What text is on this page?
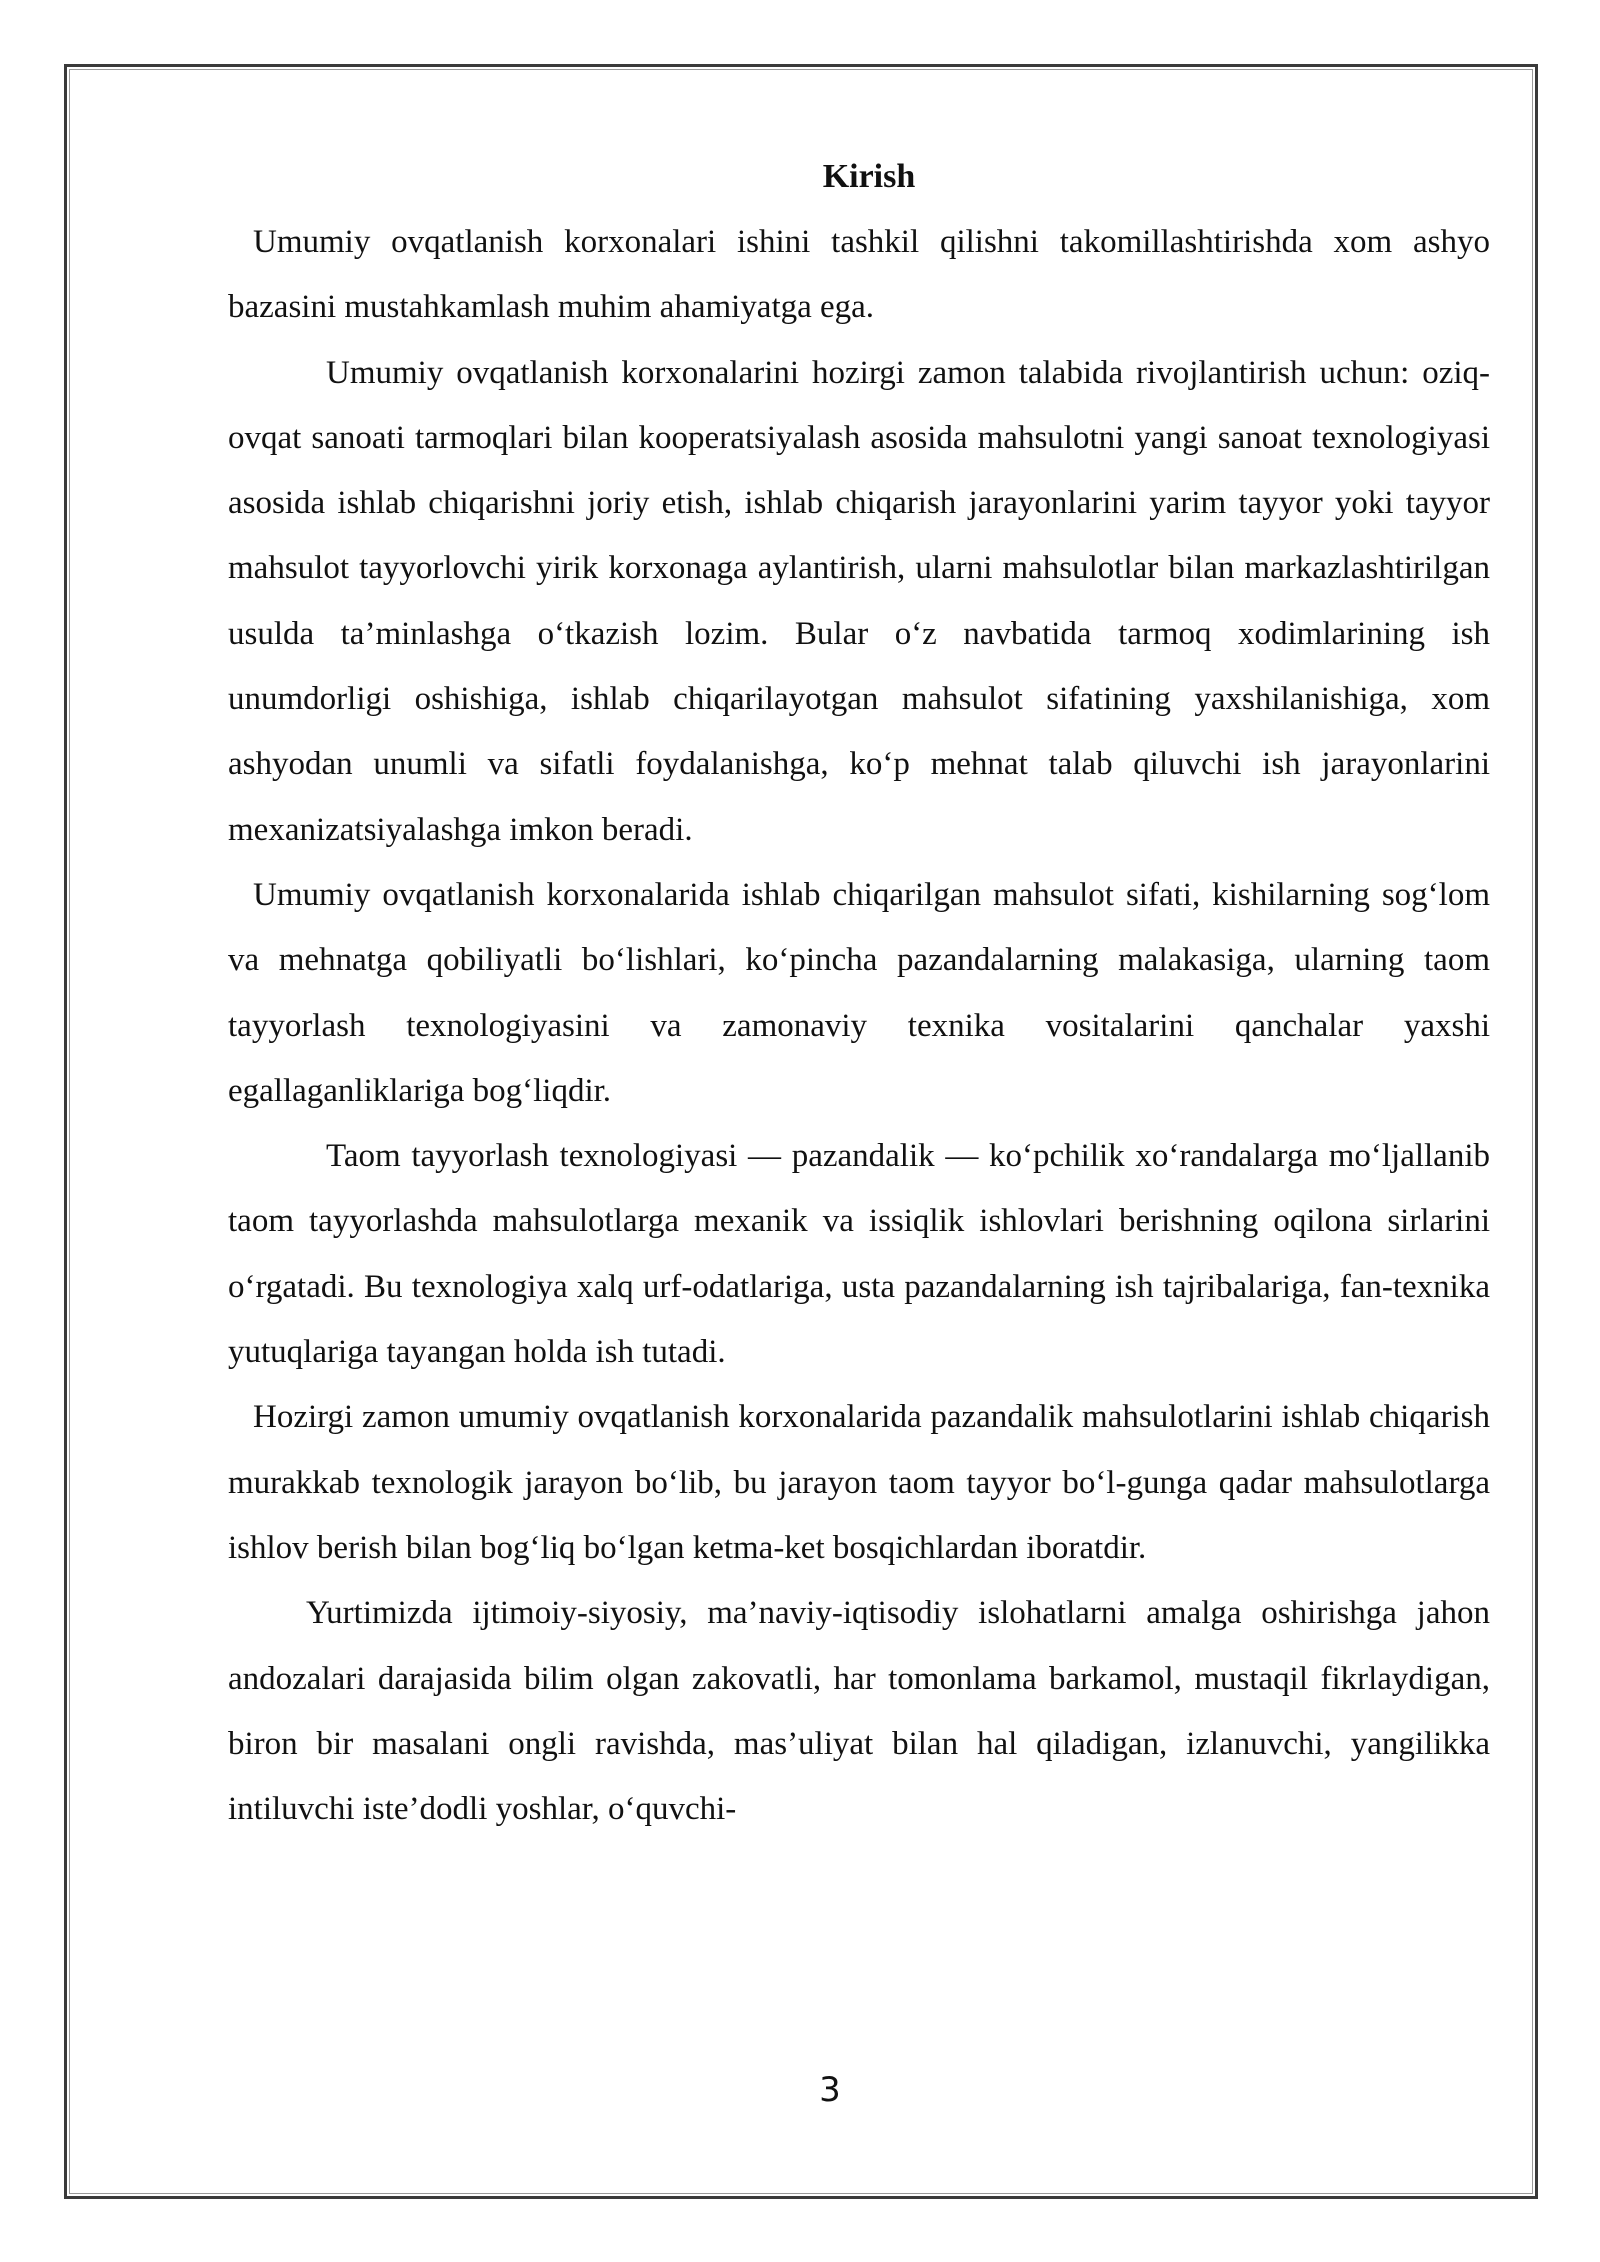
Kirish

Umumiy ovqatlanish korxonalari ishini tashkil qilishni takomillashtirishda xom ashyo bazasini mustahkamlash muhim ahamiyatga ega.

Umumiy ovqatlanish korxonalarini hozirgi zamon talabida rivojlantirish uchun: oziq-ovqat sanoati tarmoqlari bilan kooperatsiyalash asosida mahsulotni yangi sanoat texnologiyasi asosida ishlab chiqarishni joriy etish, ishlab chiqarish jarayonlarini yarim tayyor yoki tayyor mahsulot tayyorlovchi yirik korxonaga aylantirish, ularni mahsulotlar bilan markazlashtirilgan usulda ta’minlashga o‘tkazish lozim. Bular o‘z navbatida tarmoq xodimlarining ish unumdorligi oshishiga, ishlab chiqarilayotgan mahsulot sifatining yaxshilanishiga, xom ashyodan unumli va sifatli foydalanishga, ko‘p mehnat talab qiluvchi ish jarayonlarini mexanizatsiyalashga imkon beradi.

Umumiy ovqatlanish korxonalarida ishlab chiqarilgan mahsulot sifati, kishilarning sog‘lom va mehnatga qobiliyatli bo‘lishlari, ko‘pincha pazandalarning malakasiga, ularning taom tayyorlash texnologiyasini va zamonaviy texnika vositalarini qanchalar yaxshi egallaganliklariga bog‘liqdir.

Taom tayyorlash texnologiyasi — pazandalik — ko‘pchilik xo‘randalarga mo‘ljallanib taom tayyorlashda mahsulotlarga mexanik va issiqlik ishlovlari berishning oqilona sirlarini o‘rgatadi. Bu texnologiya xalq urf-odatlariga, usta pazandalarning ish tajribalariga, fan-texnika yutuqlariga tayangan holda ish tutadi.

Hozirgi zamon umumiy ovqatlanish korxonalarida pazandalik mahsulotlarini ishlab chiqarish murakkab texnologik jarayon bo‘lib, bu jarayon taom tayyor bo‘l-gunga qadar mahsulotlarga ishlov berish bilan bog‘liq bo‘lgan ketma-ket bosqichlardan iboratdir.

Yurtimizda ijtimoiy-siyosiy, ma’naviy-iqtisodiy islohatlarni amalga oshirishga jahon andozalari darajasida bilim olgan zakovatli, har tomonlama barkamol, mustaqil fikrlaydigan, biron bir masalani ongli ravishda, mas’uliyat bilan hal qiladigan, izlanuvchi, yangilikka intiluvchi iste’dodli yoshlar, o‘quvchi-

3
